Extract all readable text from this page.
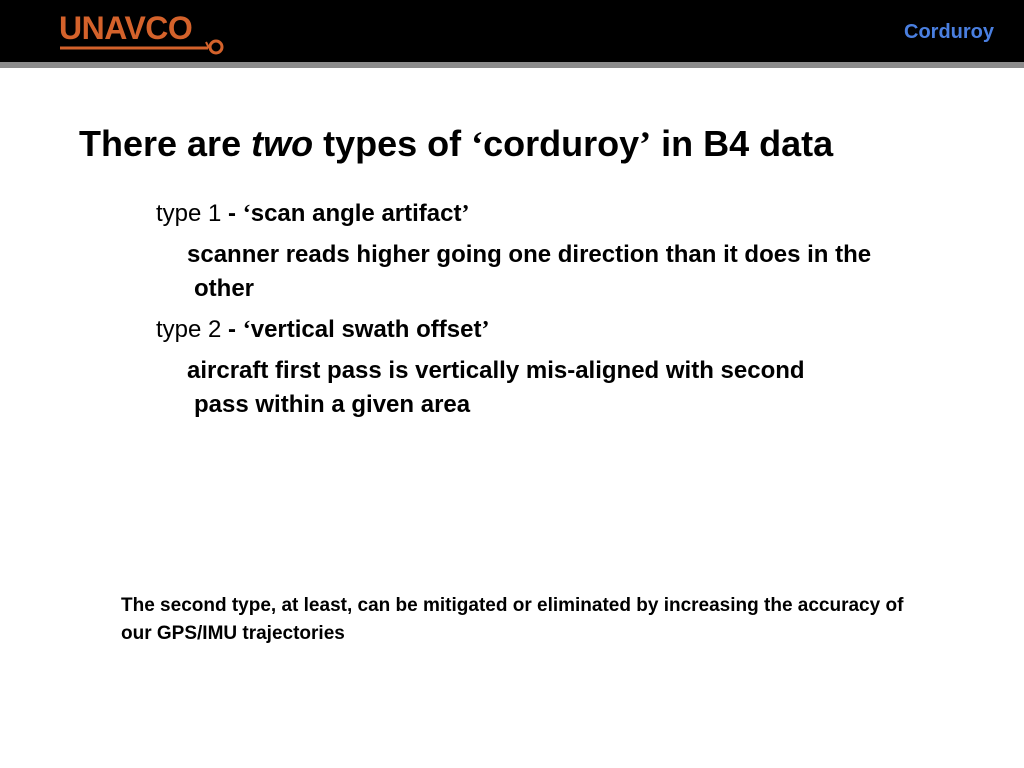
UNAVCO	Corduroy
There are two types of ‘corduroy’ in B4 data
type 1 - ‘scan angle artifact’
scanner reads higher going one direction than it does in the other
type 2 - ‘vertical swath offset’
aircraft first pass is vertically mis-aligned with second pass within a given area
The second type, at least, can be mitigated or eliminated by increasing the accuracy of our GPS/IMU trajectories
